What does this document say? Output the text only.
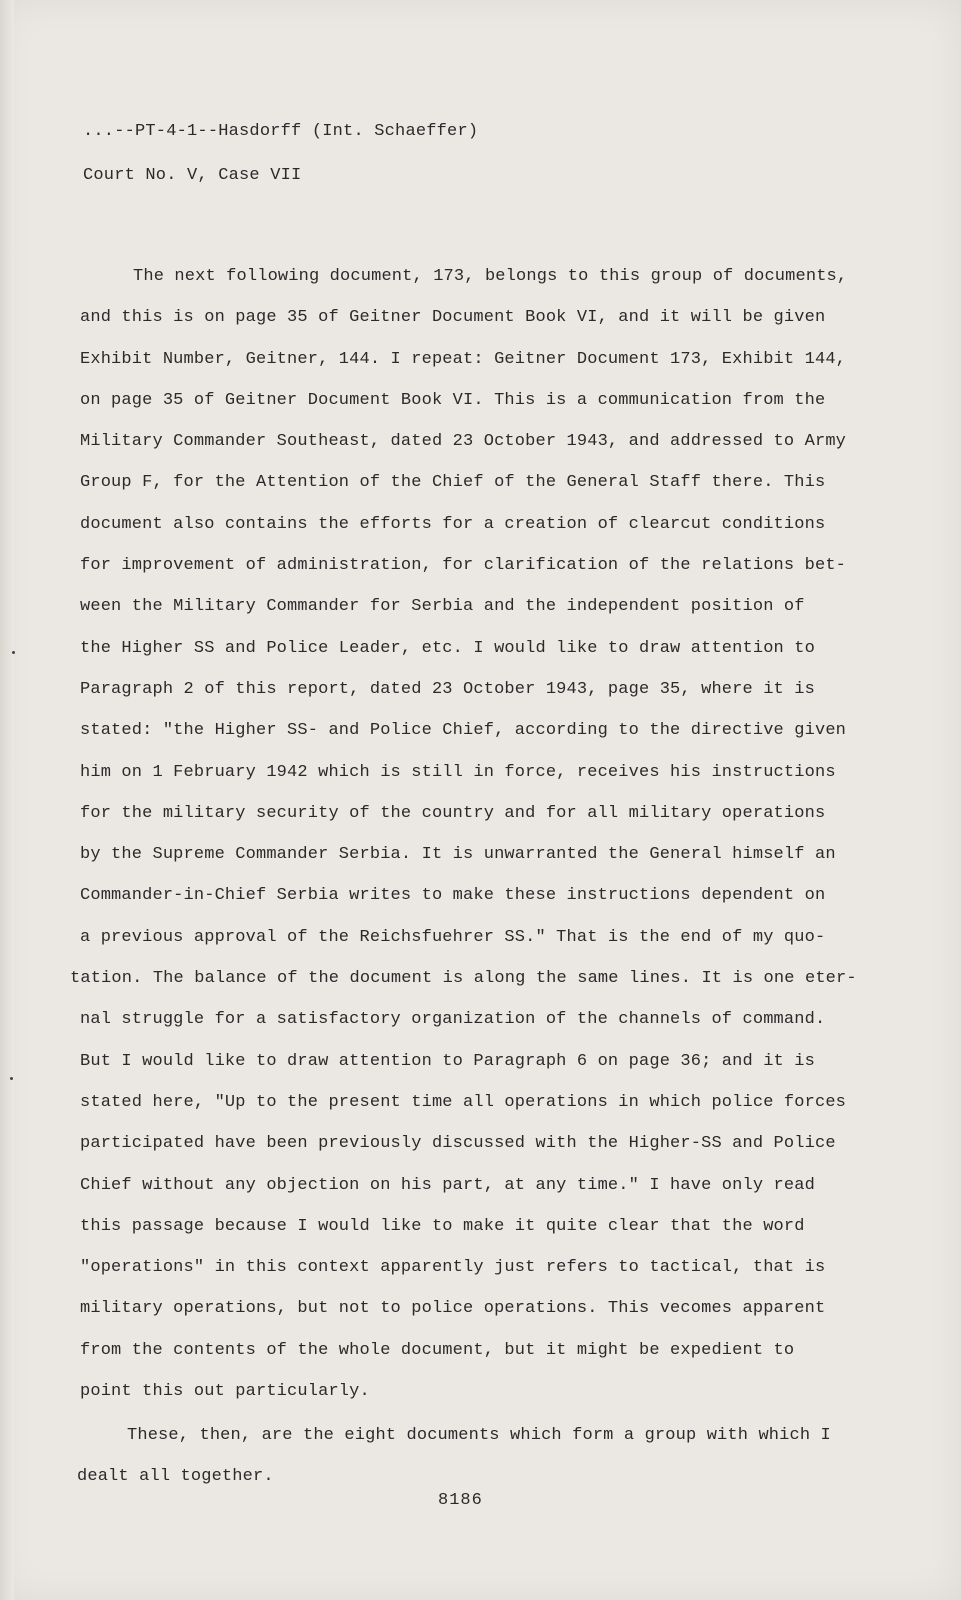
...--PT-4-1--Hasdorff (Int. Schaeffer)
Court No. V, Case VII
The next following document, 173, belongs to this group of documents,
and this is on page 35 of Geitner Document Book VI, and it will be given
Exhibit Number, Geitner, 144. I repeat: Geitner Document 173, Exhibit 144,
on page 35 of Geitner Document Book VI. This is a communication from the
Military Commander Southeast, dated 23 October 1943, and addressed to Army
Group F, for the Attention of the Chief of the General Staff there. This
document also contains the efforts for a creation of clearcut conditions
for improvement of administration, for clarification of the relations bet-
ween the Military Commander for Serbia and the independent position of
the Higher SS and Police Leader, etc. I would like to draw attention to
Paragraph 2 of this report, dated 23 October 1943, page 35, where it is
stated: "the Higher SS- and Police Chief, according to the directive given
him on 1 February 1942 which is still in force, receives his instructions
for the military security of the country and for all military operations
by the Supreme Commander Serbia. It is unwarranted the General himself an
Commander-in-Chief Serbia writes to make these instructions dependent on
a previous approval of the Reichsfuehrer SS." That is the end of my quo-
tation. The balance of the document is along the same lines. It is one eter-
nal struggle for a satisfactory organization of the channels of command.
But I would like to draw attention to Paragraph 6 on page 36; and it is
stated here, "Up to the present time all operations in which police forces
participated have been previously discussed with the Higher-SS and Police
Chief without any objection on his part, at any time." I have only read
this passage because I would like to make it quite clear that the word
"operations" in this context apparently just refers to tactical, that is
military operations, but not to police operations. This vecomes apparent
from the contents of the whole document, but it might be expedient to
point this out particularly.
These, then, are the eight documents which form a group with which I
dealt all together.
8186
